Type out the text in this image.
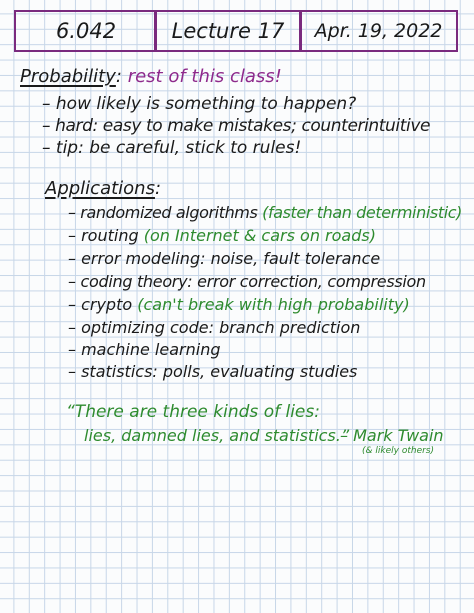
6.042	Lecture 17	Apr. 19, 2022
Probability: rest of this class!
– how likely is something to happen?
– hard: easy to make mistakes; counterintuitive
– tip: be careful, stick to rules!
Applications:
– randomized algorithms (faster than deterministic)
– routing (on Internet & cars on roads)
– error modeling: noise, fault tolerance
– coding theory: error correction, compression
– crypto (can't break with high probability)
– optimizing code: branch prediction
– machine learning
– statistics: polls, evaluating studies
“There are three kinds of lies:
lies, damned lies, and statistics.”
– Mark Twain
(& likely others)
